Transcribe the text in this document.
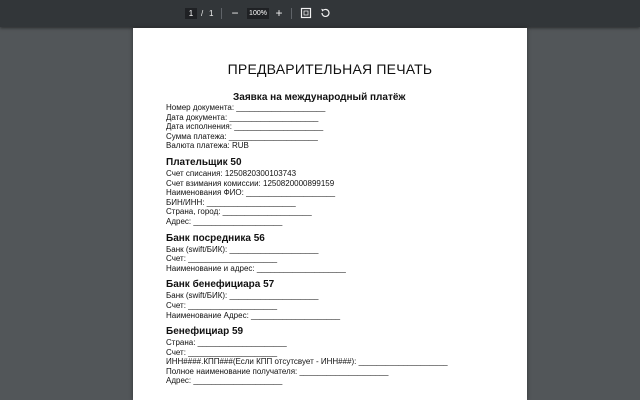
1 / 1 −	100% +
ПРЕДВАРИТЕЛЬНАЯ ПЕЧАТЬ
Заявка на международный платёж
Номер документа: ____________________
Дата документа: ____________________
Дата исполнения: ____________________
Сумма платежа: ____________________
Валюта платежа: RUB
Плательщик 50
Счет списания: 1250820300103743
Счет взимания комиссии: 1250820000899159
Наименования ФИО: ____________________
БИН/ИНН: ____________________
Страна, город: ____________________
Адрес: ____________________
Банк посредника 56
Банк (swift/БИК): ____________________
Счет: ____________________
Наименование и адрес: ____________________
Банк бенефициара 57
Банк (swift/БИК): ____________________
Счет: ____________________
Наименование Адрес: ____________________
Бенефициар 59
Страна: ____________________
Счет: ____________________
ИНН####.КПП###(Если КПП отсутсвует - ИНН###): ____________________
Полное наименование получателя: ____________________
Адрес: ____________________
